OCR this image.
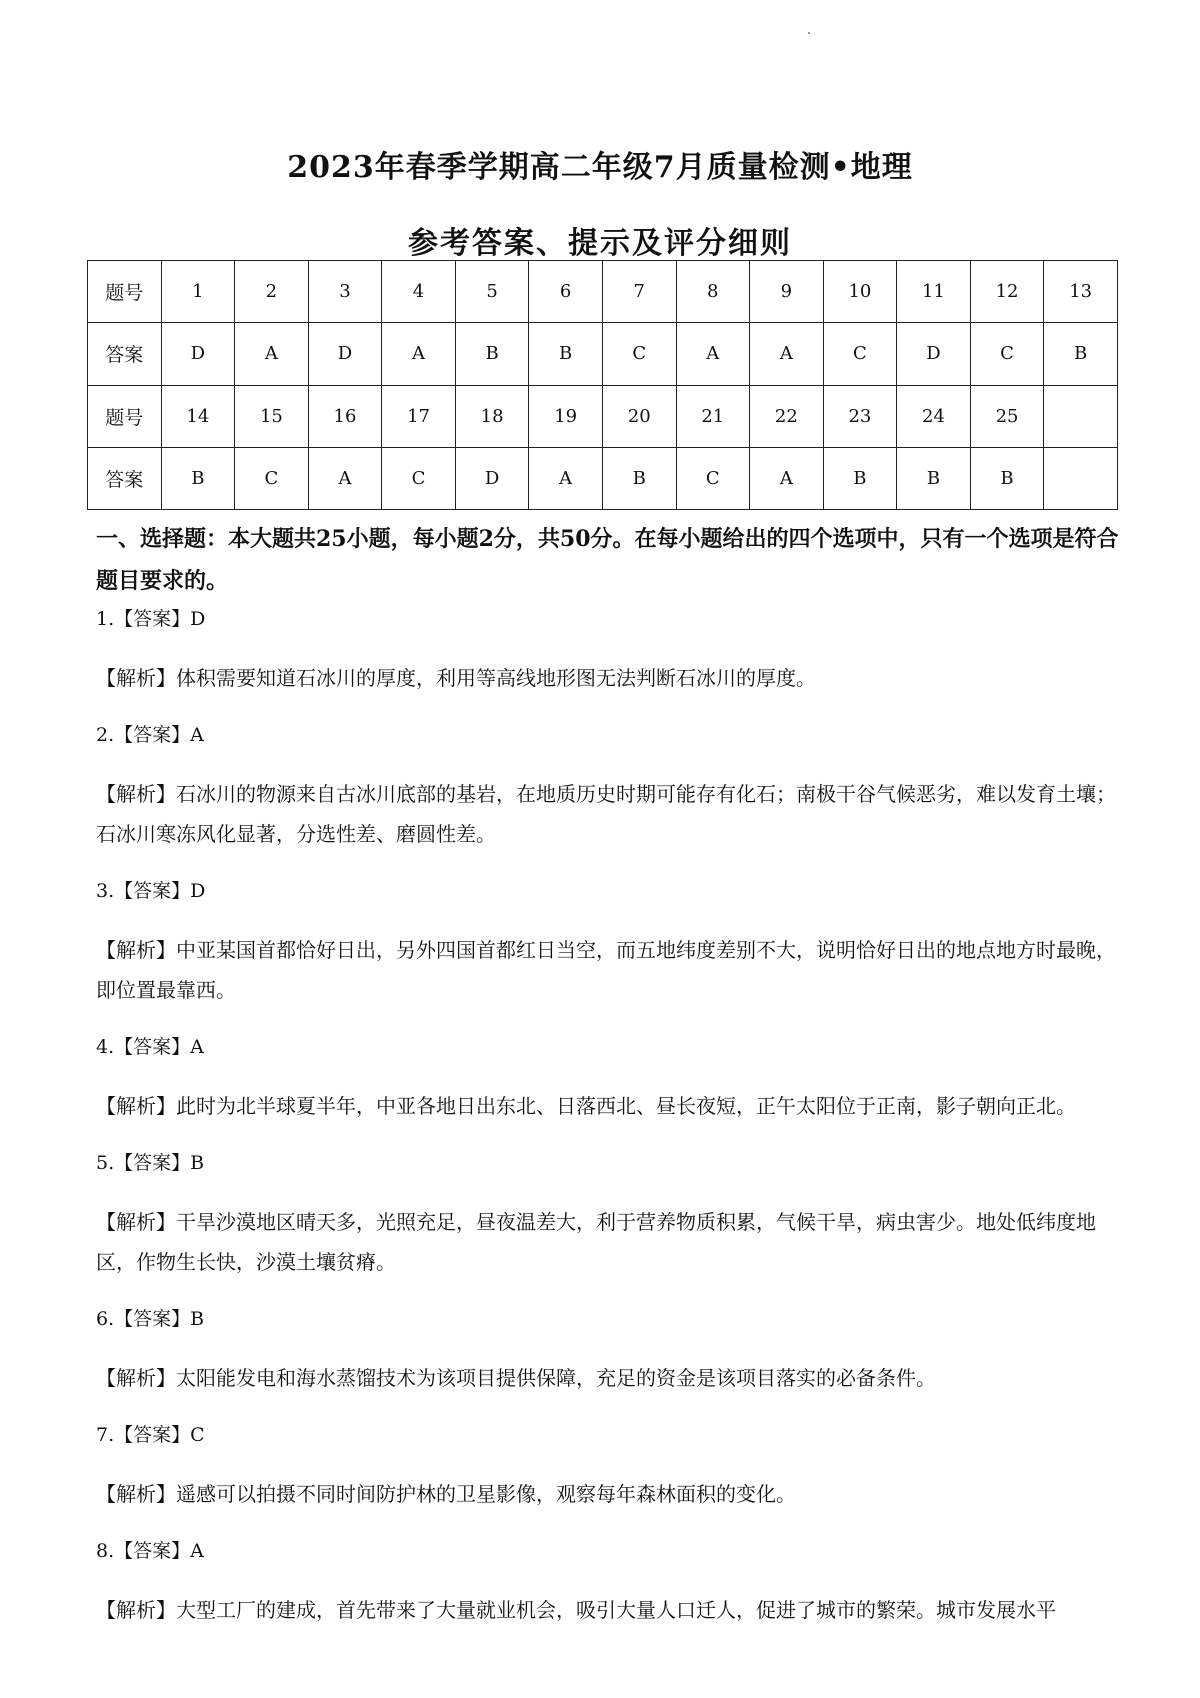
2023年春季学期高二年级7月质量检测•地理
参考答案、提示及评分细则
题号	1	2	3	4	5	6	7	8	9	10	11	12	13
答案	D	A	D	A	B	B	C	A	A	C	D	C	B
题号	14	15	16	17	18	19	20	21	22	23	24	25	
答案	B	C	A	C	D	A	B	C	A	B	B	B	
一、选择题：本大题共25小题，每小题2分，共50分。在每小题给出的四个选项中，只有一个选项是符合题目要求的。
1.【答案】D
【解析】体积需要知道石冰川的厚度，利用等高线地形图无法判断石冰川的厚度。
2.【答案】A
【解析】石冰川的物源来自古冰川底部的基岩，在地质历史时期可能存有化石；南极干谷气候恶劣，难以发育土壤；石冰川寒冻风化显著，分选性差、磨圆性差。
3.【答案】D
【解析】中亚某国首都恰好日出，另外四国首都红日当空，而五地纬度差别不大，说明恰好日出的地点地方时最晚，即位置最靠西。
4.【答案】A
【解析】此时为北半球夏半年，中亚各地日出东北、日落西北、昼长夜短，正午太阳位于正南，影子朝向正北。
5.【答案】B
【解析】干旱沙漠地区晴天多，光照充足，昼夜温差大，利于营养物质积累，气候干旱，病虫害少。地处低纬度地区，作物生长快，沙漠土壤贫瘠。
6.【答案】B
【解析】太阳能发电和海水蒸馏技术为该项目提供保障，充足的资金是该项目落实的必备条件。
7.【答案】C
【解析】遥感可以拍摄不同时间防护林的卫星影像，观察每年森林面积的变化。
8.【答案】A
【解析】大型工厂的建成，首先带来了大量就业机会，吸引大量人口迁人，促进了城市的繁荣。城市发展水平
